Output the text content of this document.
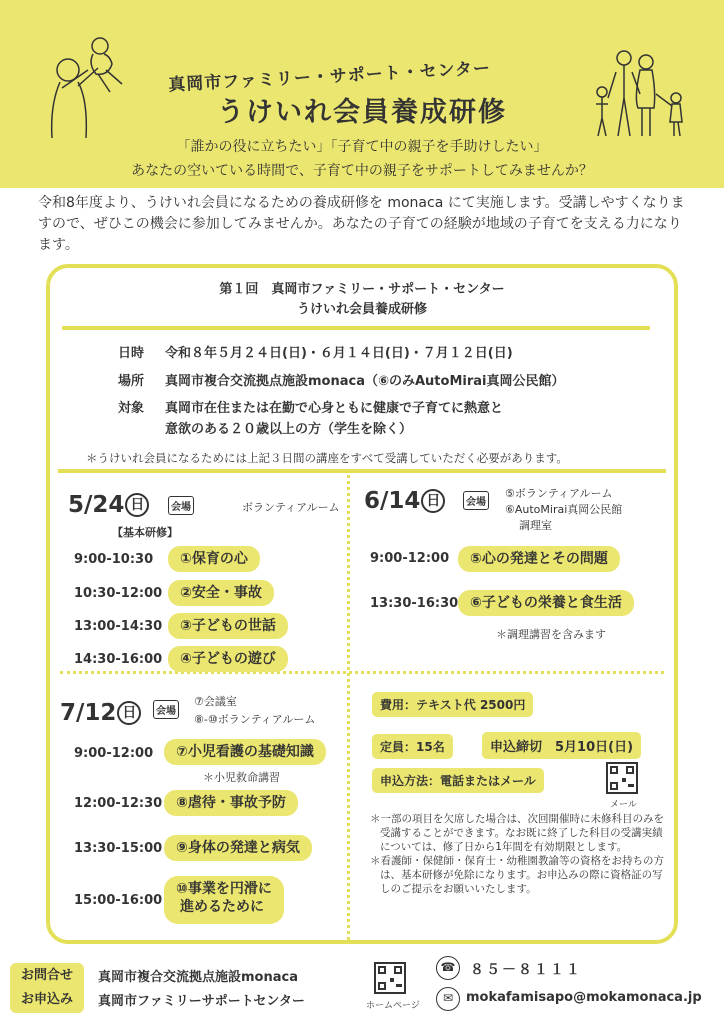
真岡市ファミリー・サポート・センター
うけいれ会員養成研修
「誰かの役に立ちたい」「子育て中の親子を手助けしたい」
あなたの空いている時間で、子育て中の親子をサポートしてみませんか？
令和8年度より、うけいれ会員になるための養成研修を monaca にて実施します。受講しやすくなりますので、ぜひこの機会に参加してみませんか。あなたの子育ての経験が地域の子育てを支える力になります。
第１回　真岡市ファミリー・サポート・センター
うけいれ会員養成研修
日時 令和８年５月２４日(日)・６月１４日(日)・７月１２日(日)
場所 真岡市複合交流拠点施設monaca（⑥のみAutoMirai真岡公民館）
対象 真岡市在住または在勤で心身ともに健康で子育てに熱意と
意欲のある２０歳以上の方（学生を除く）
＊うけいれ会員になるためには上記３日間の講座をすべて受講していただく必要があります。
5/24 日	会場	ボランティアルーム
【基本研修】
9:00-10:30	①保育の心
10:30-12:00	②安全・事故
13:00-14:30	③子どもの世話
14:30-16:00	④子どもの遊び
6/14 日	会場
⑤ボランティアルーム
⑥AutoMirai真岡公民館
調理室
9:00-12:00	⑤心の発達とその問題
13:30-16:30 ⑥子どもの栄養と食生活
＊調理講習を含みます
7/12 日	会場
⑦会議室
⑧-⑩ボランティアルーム
9:00-12:00	⑦小児看護の基礎知識
＊小児救命講習
12:00-12:30 ⑧虐待・事故予防
13:30-15:00 ⑨身体の発達と病気
15:00-16:00
⑩事業を円滑に
進めるために
費用：テキスト代 2500円
定員：15名	申込締切　5月10日(日)
申込方法：電話またはメール
メール

＊一部の項目を欠席した場合は、次回開催時に未修科目のみを受講することができます。なお既に終了した科目の受講実績については、修了日から1年間を有効期限とします。

＊看護師・保健師・保育士・幼稚園教諭等の資格をお持ちの方は、基本研修が免除になります。お申込みの際に資格証の写しのご提示をお願いいたします。

お問合せ
お申込み
真岡市複合交流拠点施設monaca
真岡市ファミリーサポートセンター	ホームページ
☎	８５－８１１１
✉ mokafamisapo@mokamonaca.jp
